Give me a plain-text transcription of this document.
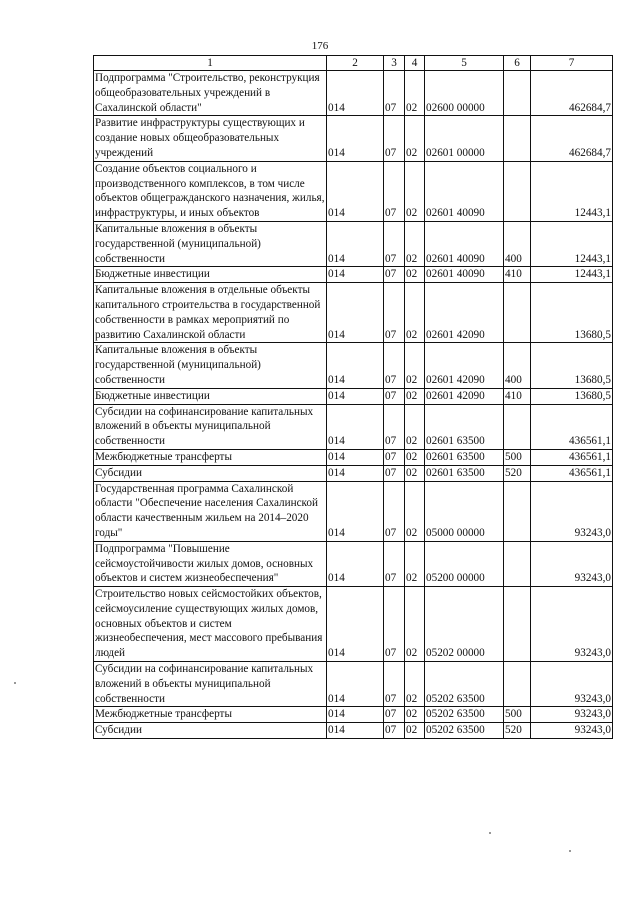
176
1	2	3	4	5	6	7
Подпрограмма "Строительство, реконструкция общеобразовательных учреждений в Сахалинской области"	014	07	02	02600 00000		462684,7
Развитие инфраструктуры существующих и создание новых общеобразовательных учреждений	014	07	02	02601 00000		462684,7
Создание объектов социального и производственного комплексов, в том числе объектов общегражданского назначения, жилья, инфраструктуры, и иных объектов	014	07	02	02601 40090		12443,1
Капитальные вложения в объекты государственной (муниципальной) собственности	014	07	02	02601 40090	400	12443,1
Бюджетные инвестиции	014	07	02	02601 40090	410	12443,1
Капитальные вложения в отдельные объекты капитального строительства в государственной собственности в рамках мероприятий по развитию Сахалинской области	014	07	02	02601 42090		13680,5
Капитальные вложения в объекты государственной (муниципальной) собственности	014	07	02	02601 42090	400	13680,5
Бюджетные инвестиции	014	07	02	02601 42090	410	13680,5
Субсидии на софинансирование капитальных вложений в объекты муниципальной собственности	014	07	02	02601 63500		436561,1
Межбюджетные трансферты	014	07	02	02601 63500	500	436561,1
Субсидии	014	07	02	02601 63500	520	436561,1
Государственная программа Сахалинской области "Обеспечение населения Сахалинской области качественным жильем на 2014–2020 годы"	014	07	02	05000 00000		93243,0
Подпрограмма "Повышение сейсмоустойчивости жилых домов, основных объектов и систем жизнеобеспечения"	014	07	02	05200 00000		93243,0
Строительство новых сейсмостойких объектов, сейсмоусиление существующих жилых домов, основных объектов и систем жизнеобеспечения, мест массового пребывания людей	014	07	02	05202 00000		93243,0
Субсидии на софинансирование капитальных вложений в объекты муниципальной собственности	014	07	02	05202 63500		93243,0
Межбюджетные трансферты	014	07	02	05202 63500	500	93243,0
Субсидии	014	07	02	05202 63500	520	93243,0
